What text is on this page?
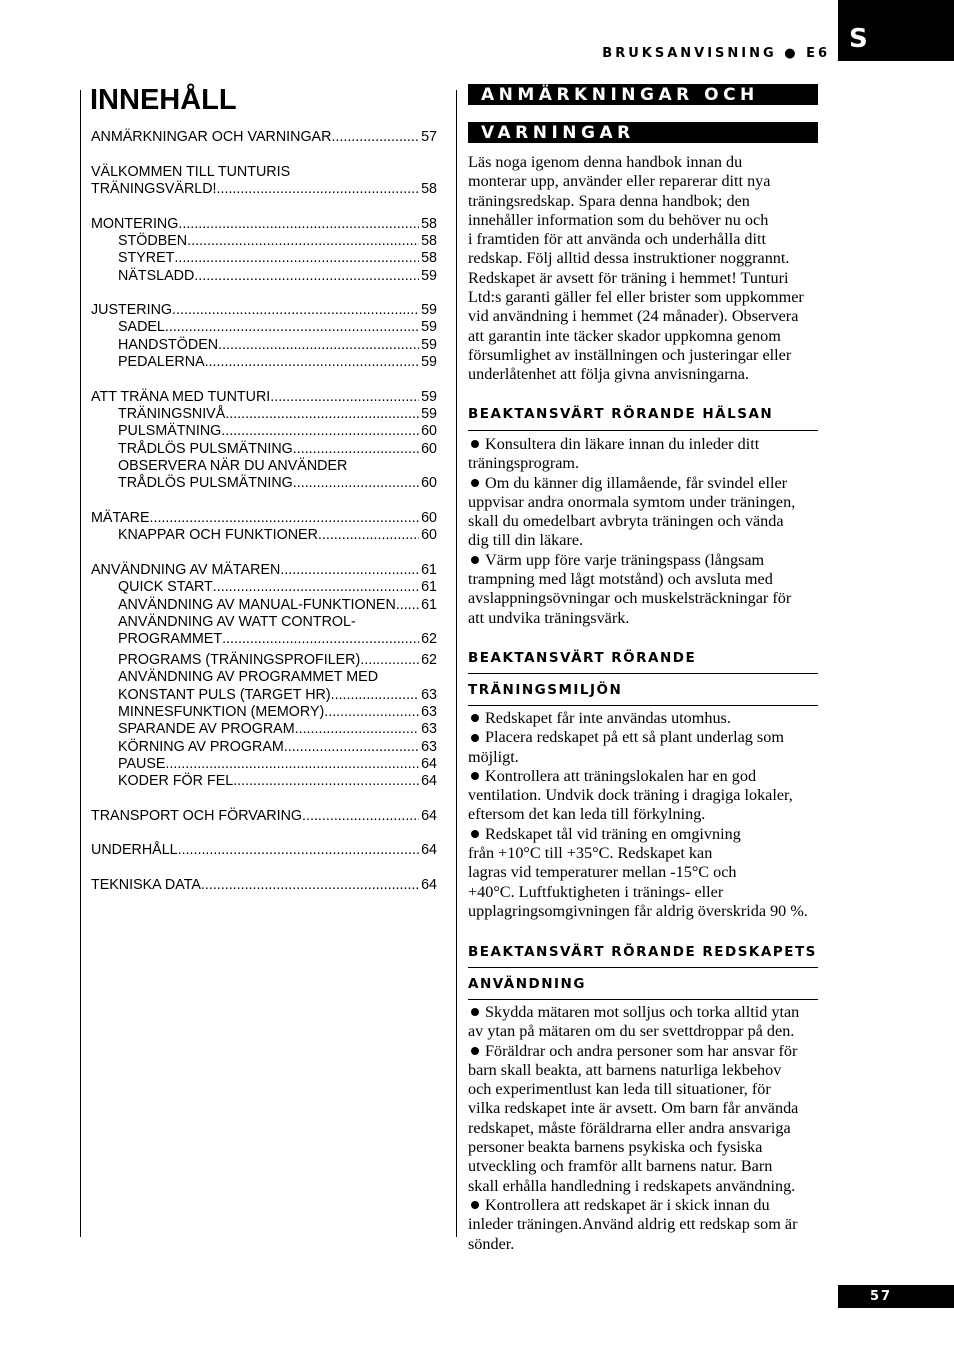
BRUKSANVISNING ● E6 S
INNEHÅLL
ANMÄRKNINGAR OCH VARNINGAR .....	57
VÄLKOMMEN TILL TUNTURIS
TRÄNINGSVÄRLD! .....	58
MONTERING .....	58
STÖDBEN .....	58
STYRET .....	58
NÄTSLADD .....	59
JUSTERING .....	59
SADEL .....	59
HANDSTÖDEN .....	59
PEDALERNA .....	59
ATT TRÄNA MED TUNTURI .....	59
TRÄNINGSNIVÅ .....	59
PULSMÄTNING .....	60
TRÅDLÖS PULSMÄTNING .....	60
OBSERVERA NÄR DU ANVÄNDER
TRÅDLÖS PULSMÄTNING .....	60
MÄTARE .....	60
KNAPPAR OCH FUNKTIONER .....	60
ANVÄNDNING AV MÄTAREN .....	61
QUICK START .....	61
ANVÄNDNING AV MANUAL-FUNKTIONEN ..... 61
ANVÄNDNING AV WATT CONTROL-
PROGRAMMET .....	62
PROGRAMS (TRÄNINGSPROFILER) .....	62
ANVÄNDNING AV PROGRAMMET MED
KONSTANT PULS (TARGET HR) .....	63
MINNESFUNKTION (MEMORY) .....	63
SPARANDE AV PROGRAM .....	63
KÖRNING AV PROGRAM .....	63
PAUSE .....	64
KODER FÖR FEL .....	64
TRANSPORT OCH FÖRVARING .....	64
UNDERHÅLL .....	64
TEKNISKA DATA .....	64
ANMÄRKNINGAR OCH
VARNINGAR
Läs noga igenom denna handbok innan du
monterar upp, använder eller reparerar ditt nya
träningsredskap. Spara denna handbok; den
innehåller information som du behöver nu och
i framtiden för att använda och underhålla ditt
redskap. Följ alltid dessa instruktioner noggrannt.
Redskapet är avsett för träning i hemmet! Tunturi
Ltd:s garanti gäller fel eller brister som uppkommer
vid användning i hemmet (24 månader). Observera
att garantin inte täcker skador uppkomna genom
försumlighet av inställningen och justeringar eller
underlåtenhet att följa givna anvisningarna.
BEAKTANSVÄRT RÖRANDE HÄLSAN
Konsultera din läkare innan du inleder ditt
träningsprogram.
Om du känner dig illamående, får svindel eller
uppvisar andra onormala symtom under träningen,
skall du omedelbart avbryta träningen och vända
dig till din läkare.
Värm upp före varje träningspass (långsam
trampning med lågt motstånd) och avsluta med
avslappningsövningar och muskelsträckningar för
att undvika träningsvärk.
BEAKTANSVÄRT RÖRANDE
TRÄNINGSMILJÖN
Redskapet får inte användas utomhus.
Placera redskapet på ett så plant underlag som
möjligt.
Kontrollera att träningslokalen har en god
ventilation. Undvik dock träning i dragiga lokaler,
eftersom det kan leda till förkylning.
Redskapet tål vid träning en omgivning
från +10°C till +35°C. Redskapet kan
lagras vid temperaturer mellan -15°C och
+40°C. Luftfuktigheten i tränings- eller
upplagringsomgivningen får aldrig överskrida 90 %.
BEAKTANSVÄRT RÖRANDE REDSKAPETS
ANVÄNDNING
Skydda mätaren mot solljus och torka alltid ytan
av ytan på mätaren om du ser svettdroppar på den.
Föräldrar och andra personer som har ansvar för
barn skall beakta, att barnens naturliga lekbehov
och experimentlust kan leda till situationer, för
vilka redskapet inte är avsett. Om barn får använda
redskapet, måste föräldrarna eller andra ansvariga
personer beakta barnens psykiska och fysiska
utveckling och framför allt barnens natur. Barn
skall erhålla handledning i redskapets användning.
Kontrollera att redskapet är i skick innan du
inleder träningen.Använd aldrig ett redskap som är
sönder.
57
